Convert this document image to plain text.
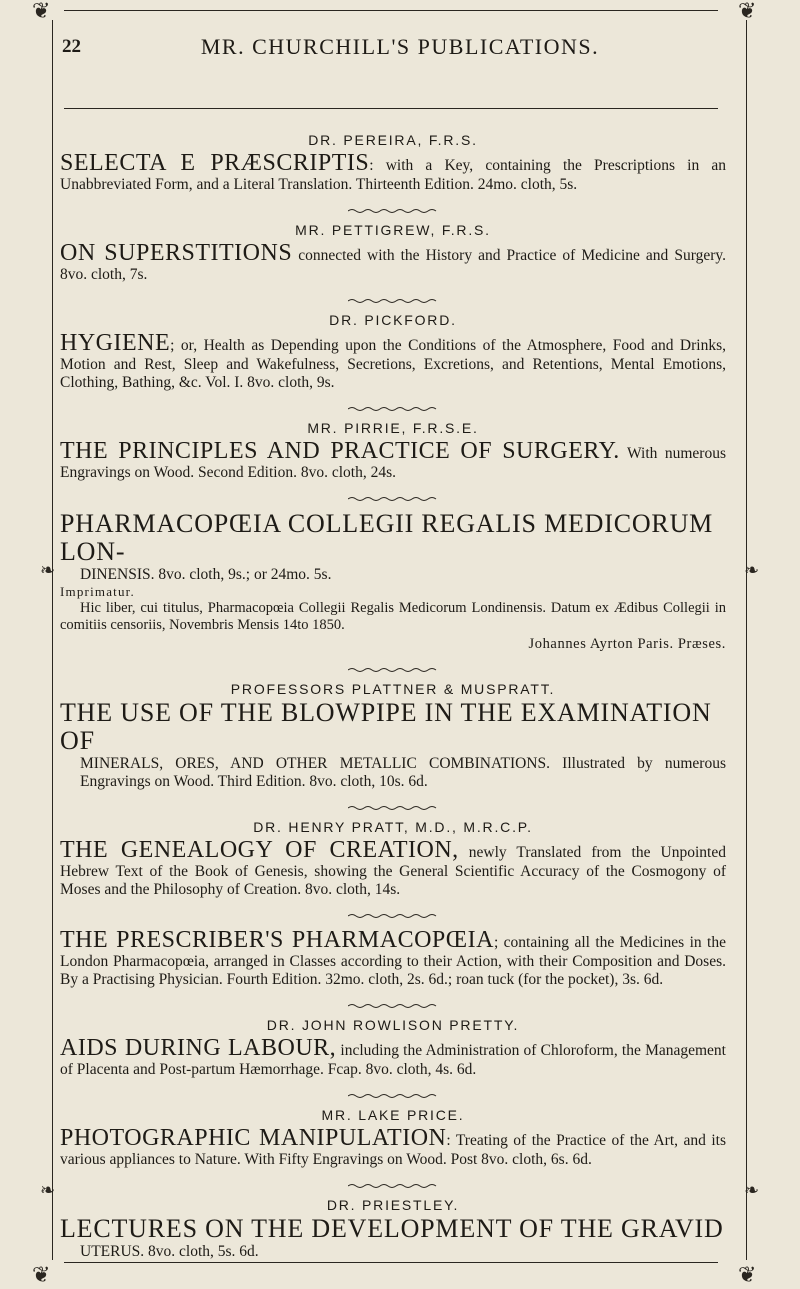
❦	❦
❦	❦
❧	❧
❧	❧
22	MR. CHURCHILL'S PUBLICATIONS.
DR. PEREIRA, F.R.S.

SELECTA E PRÆSCRIPTIS: with a Key, containing the Prescriptions in an Unabbreviated Form, and a Literal Translation. Thirteenth Edition. 24mo. cloth, 5s.

MR. PETTIGREW, F.R.S.

ON SUPERSTITIONS connected with the History and Practice of Medicine and Surgery. 8vo. cloth, 7s.

DR. PICKFORD.

HYGIENE; or, Health as Depending upon the Conditions of the Atmosphere, Food and Drinks, Motion and Rest, Sleep and Wakefulness, Secretions, Excretions, and Retentions, Mental Emotions, Clothing, Bathing, &c. Vol. I. 8vo. cloth, 9s.

MR. PIRRIE, F.R.S.E.

THE PRINCIPLES AND PRACTICE OF SURGERY. With numerous Engravings on Wood. Second Edition. 8vo. cloth, 24s.

PHARMACOPŒIA COLLEGII REGALIS MEDICORUM LON-

DINENSIS. 8vo. cloth, 9s.; or 24mo. 5s.

Imprimatur.

Hic liber, cui titulus, Pharmacopœia Collegii Regalis Medicorum Londinensis. Datum ex Ædibus Collegii in comitiis censoriis, Novembris Mensis 14to 1850.

Johannes Ayrton Paris. Præses.

PROFESSORS PLATTNER & MUSPRATT.
THE USE OF THE BLOWPIPE IN THE EXAMINATION OF

MINERALS, ORES, AND OTHER METALLIC COMBINATIONS. Illustrated by numerous Engravings on Wood. Third Edition. 8vo. cloth, 10s. 6d.

DR. HENRY PRATT, M.D., M.R.C.P.

THE GENEALOGY OF CREATION, newly Translated from the Unpointed Hebrew Text of the Book of Genesis, showing the General Scientific Accuracy of the Cosmogony of Moses and the Philosophy of Creation. 8vo. cloth, 14s.

THE PRESCRIBER'S PHARMACOPŒIA; containing all the Medicines in the London Pharmacopœia, arranged in Classes according to their Action, with their Composition and Doses. By a Practising Physician. Fourth Edition. 32mo. cloth, 2s. 6d.; roan tuck (for the pocket), 3s. 6d.

DR. JOHN ROWLISON PRETTY.

AIDS DURING LABOUR, including the Administration of Chloroform, the Management of Placenta and Post-partum Hæmorrhage. Fcap. 8vo. cloth, 4s. 6d.

MR. LAKE PRICE.

PHOTOGRAPHIC MANIPULATION: Treating of the Practice of the Art, and its various appliances to Nature. With Fifty Engravings on Wood. Post 8vo. cloth, 6s. 6d.

DR. PRIESTLEY.
LECTURES ON THE DEVELOPMENT OF THE GRAVID

UTERUS. 8vo. cloth, 5s. 6d.
